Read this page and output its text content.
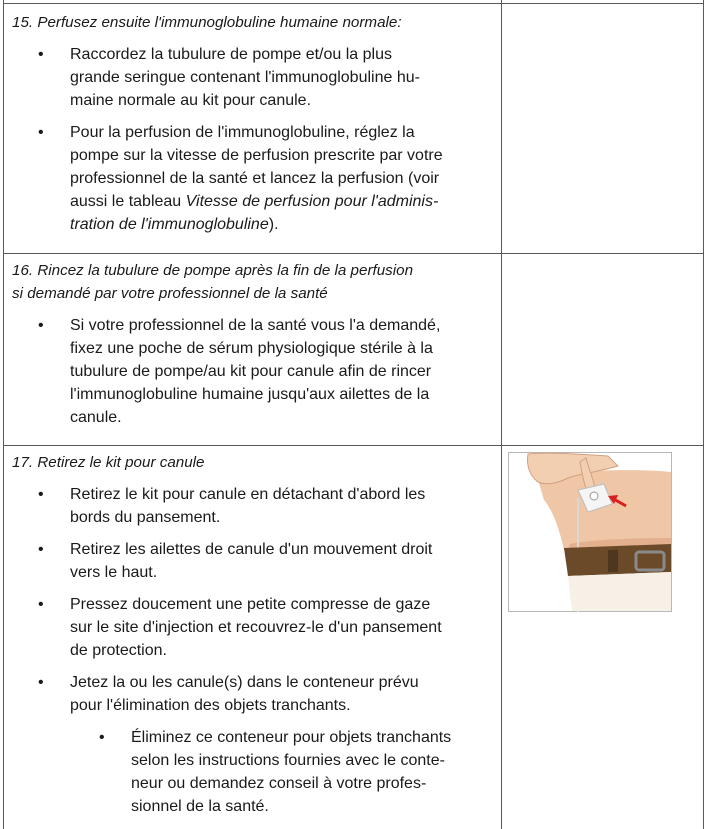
15. Perfusez ensuite l'immunoglobuline humaine normale:

• Raccordez la tubulure de pompe et/ou la plus
grande seringue contenant l'immunoglobuline hu-
maine normale au kit pour canule.
• Pour la perfusion de l'immunoglobuline, réglez la
pompe sur la vitesse de perfusion prescrite par votre
professionnel de la santé et lancez la perfusion (voir
aussi le tableau Vitesse de perfusion pour l'adminis-
tration de l'immunoglobuline).

16. Rincez la tubulure de pompe après la fin de la perfusion
si demandé par votre professionnel de la santé

• Si votre professionnel de la santé vous l'a demandé,
fixez une poche de sérum physiologique stérile à la
tubulure de pompe/au kit pour canule afin de rincer
l'immunoglobuline humaine jusqu'aux ailettes de la
canule.

17. Retirez le kit pour canule

• Retirez le kit pour canule en détachant d'abord les
bords du pansement.
• Retirez les ailettes de canule d'un mouvement droit
vers le haut.
• Pressez doucement une petite compresse de gaze
sur le site d'injection et recouvrez-le d'un pansement
de protection.
• Jetez la ou les canule(s) dans le conteneur prévu
pour l'élimination des objets tranchants.
• Éliminez ce conteneur pour objets tranchants
selon les instructions fournies avec le conte-
neur ou demandez conseil à votre profes-
sionnel de la santé.
